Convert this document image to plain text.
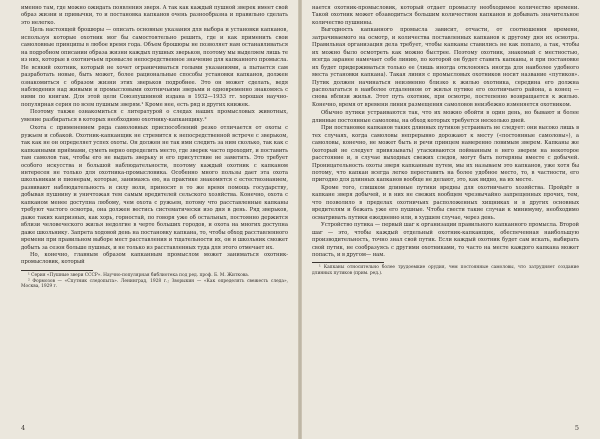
именно там, где можно ожидать появления зверя. А так как каждый пушной зверек имеет свой образ жизни и привычки, то и постановка капканов очень разнообразна и правильно сделать это нелегко.

Цель настоящей брошюры — описать основные указания для выбора и установки капканов, используя которые охотник мог бы самостоятельно решить, где и как применить свои самоловные принципы в любое время года. Объем брошюры не позволяет нам останавливаться на подробном описании образа жизни каждых пушных зверьков, поэтому мы выделяем лишь те из них, которые в охотничьем промысле непосредственное значение для капканного промысла. Не всякий охотник, который не хочет ограничиваться голыми указаниями, а пытается сам разработать новые, быть может, более рациональные способы установки капканов, должен ознакомиться с образом жизни этих зверьков подробнее. Это он может сделать, ведя наблюдения над живыми и промысловыми охотничьими зверьми и одновременно знакомясь с ними по книгам. Для этой цели Союзпушниной издана в 1932—1933 гг. хорошая научно-популярная серия по всем пушным зверям.¹ Кроме нее, есть ряд и других книжек.

Поэтому также ознакомиться с литературой о следах наших промысловых животных, умение разбираться в которых необходимо охотнику-капканщику.²

Охота с применением ряда самоловных приспособлений резко отличается от охоты с ружьем и собакой. Охотник-капканщик не стремится к непосредственной встрече с зверьком, так как не он определяет успех охоты. Он должен не так ими следить за ним сколько, так как с капканными приёмами, суметь верно определить место, где зверек часто проходит, и поставить там самолов так, чтобы его не выдать зверьку и его присутствие не заметить. Это требует особого искусства и большой наблюдательности, поэтому каждый охотник с капканом интересен не только для охотника-промысловика. Особенно много пользы дает эта охота школьникам и пионерам, которые, занимаясь ею, на практике знакомятся с естествознанием, развивают наблюдательность и силу воли, приносят в то же время помощь государству, добывая пушнину и уничтожая тем самым вредителей сельского хозяйства. Конечно, охота с капканом менее доступна любому, чем охота с ружьем, потому что расставленные капканы требуют частого осмотра, она должен вестись систематически изо дня в день. Ряд зверьков, даже таких капризных, как хорь, горностай, по говоря уже об остальных, постоянно держится вблизи человеческого жилья недолгие в черте больших городов, и охота на многих доступна даже школьнику. Запрета ходовой день на постановку капкана, то, чтобы обход расставленного времени при правильном выборе мест расставления и тщательности их, он и школьник сможет добыть за сезон больше пушных, и не только из расставленных туда для этого отмечает их.

Но, конечно, главным образом капканным промыслом может заниматься охотник-промысловик, который

¹ Серия «Пушные звери СССР». Научно-популярная библиотека под ред. проф. Б. М. Житкова.

² Формозов — «Спутник следопыта». Ленинград, 1928 г.; Зворыкин — «Как определять свежесть следа», Москва, 1929 г.

4

нается охотник-промысловик, который отдает промыслу необходимое количество времени. Такой охотник может обзаводиться большим количеством капканов и добывать значительное количество пушнины.

Выгодность капканного промысла зависит, отчасти, от соотношения времени, затрачиваемого на осмотр, и количества поставленных капканов к другому дня их осмотра. Правильная организация дела требует, чтобы капканы ставились не как попало, а так, чтобы их можно было осмотреть как можно быстрее. Поэтому охотник, знакомый с местностью, всегда заранее намечает себе линию, по которой он будет ставить капканы, и при постановке их будет придерживаться только ее (лишь иногда отклоняясь иногда для наиболее удобного места установки капкана). Такая линия с промысловых охотников носит название «путиков». Путик должен начинаться неизменно близко к жилью охотника, середина его должна располагаться в наиболее отдаленном от жилья путике его охотничьего района, а конец — снова вблизи жилья. Этот путь охотник, при осмотре, постепенно возвращается к жилью. Конечно, время от времени линия размещения самоловов неизбежно изменяется охотником.

Обычно путики устраиваются так, что их можно обойти в один день, но бывают и более длинные постоянные самоловы, на обход которых требуется несколько дней.

При постановке капканов таких длинных путиков устраивать не следует: они высоко лишь в тех случаях, когда самоловы непрерывно дорожают к месту («постоянные самоловы»), а самоловы, конечно, не может быть и речи принцем намеренно ловимым зверем. Капканы же (который не следует привязывать) утаскиваются пойманным в него зверем на некоторое расстояние и, в случае выходных свежих следов, могут быть потеряны вместе с добычей. Проницательность охоты зверя капканным путем, мы их называем это капканов, уже хотя бы потому, что капкан всегда легко переставить на более удобное место, то, в частности, его пригодно для длинных капканов вообще не делают, это, как видно, на их месте.

Кроме того, слишком длинные путики вредны для охотничьего хозяйства. Пройдёт в капкане зверя добычей, и в них не свежих вообщем чрезвычайно запрещенных прочих, тем, что позволило в пределах охотничьих расположенных хищниках и в других основных вредителям и бежать уже его пушные. Чтобы свести такие случаи к минимуму, необходимо осматривать путики ежедневно или, в худшем случае, через день.

Устройство путика — первый шаг к организации правильного капканного промысла. Второй шаг — это, чтобы каждый отдельный охотник-капканщик, обеспеченная наибольшую производительность, точно знал свой путик. Если каждый охотник будет сам искать, выбирать свой путик, не сообразуясь с другими охотниками, то часто на месте каждого капкана может попасть, и в другом— нам.

¹ Капканы относительно более трудоемкие орудия, чем постоянные самоловы, что затрудняет создание длинных путиков (прим. ред.).

5
